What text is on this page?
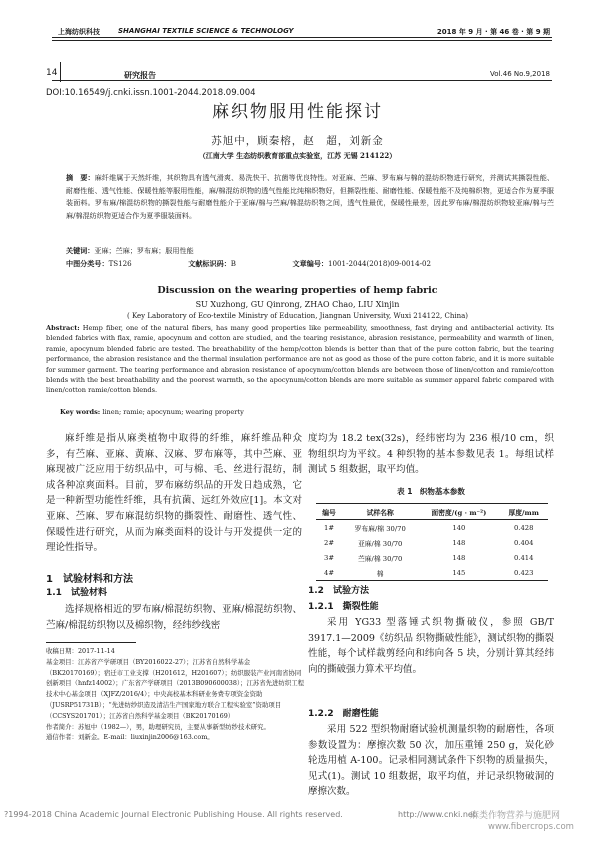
上海纺织科技	SHANGHAI TEXTILE SCIENCE & TECHNOLOGY	2018 年 9 月 · 第 46 卷 · 第 9 期
14	研究报告	Vol.46 No.9,2018
DOI:10.16549/j.cnki.issn.1001-2044.2018.09.004
麻织物服用性能探讨
苏旭中，顾秦榕，赵　超，刘新金
（江南大学 生态纺织教育部重点实验室，江苏 无锡 214122）
摘　要：麻纤维属于天然纤维，其织物具有透气滑爽、易洗快干、抗菌等优良特性。对亚麻、苎麻、罗布麻与棉的混纺织物进行研究，并测试其撕裂性能、耐磨性能、透气性能、保暖性能等服用性能，麻/棉混纺织物的透气性能比纯棉织物好，但撕裂性能、耐磨性能、保暖性能不及纯棉织物，更适合作为夏季服装面料。罗布麻/棉混纺织物的撕裂性能与耐磨性能介于亚麻/棉与苎麻/棉混纺织物之间，透气性最优，保暖性最差，因此罗布麻/棉混纺织物较亚麻/棉与苎麻/棉混纺织物更适合作为夏季服装面料。
关键词：亚麻；苎麻；罗布麻；服用性能
中图分类号：TS126	文献标识码：B	文章编号：1001-2044(2018)09-0014-02
Discussion on the wearing properties of hemp fabric
SU Xuzhong, GU Qinrong, ZHAO Chao, LIU Xinjin
( Key Laboratory of Eco-textile Ministry of Education, Jiangnan University, Wuxi 214122, China)
Abstract: Hemp fiber, one of the natural fibers, has many good properties like permeability, smoothness, fast drying and antibacterial activity. Its blended fabrics with flax, ramie, apocynum and cotton are studied, and the tearing resistance, abrasion resistance, permeability and warmth of linen, ramie, apocynum blended fabric are tested. The breathability of the hemp/cotton blends is better than that of the pure cotton fabric, but the tearing performance, the abrasion resistance and the thermal insulation performance are not as good as those of the pure cotton fabric, and it is more suitable for summer garment. The tearing performance and abrasion resistance of apocynum/cotton blends are between those of linen/cotton and ramie/cotton blends with the best breathability and the poorest warmth, so the apocynum/cotton blends are more suitable as summer apparel fabric compared with linen/cotton ramie/cotton blends.
Key words: linen; ramie; apocynum; wearing property
麻纤维是指从麻类植物中取得的纤维，麻纤维品种众多，有苎麻、亚麻、黄麻、汉麻、罗布麻等，其中苎麻、亚麻现被广泛应用于纺织品中，可与棉、毛、丝进行混纺，制成各种凉爽面料。目前，罗布麻纺织品的开发日趋成熟，它是一种新型功能性纤维，具有抗菌、远红外效应[1]。本文对亚麻、苎麻、罗布麻混纺织物的撕裂性、耐磨性、透气性、保暖性进行研究，从而为麻类面料的设计与开发提供一定的理论性指导。
1　试验材料和方法
1.1　试验材料
选择规格相近的罗布麻/棉混纺织物、亚麻/棉混纺织物、苎麻/棉混纺织物以及棉织物，经纬纱线密
收稿日期：2017-11-14
基金项目：江苏省产学研项目（BY2016022-27）；江苏省自然科学基金（BK20170169）；宿迁市工业支撑（H201612，H201607）；纺织服装产业河南省协同创新项目（hnfz14002）；广东省产学研项目（2013B090600038）；江苏省先进纺织工程技术中心基金项目（XJFZ/2016/4）；中央高校基本科研业务费专项资金资助（JUSRP51731B）；“先进纺纱织造及清洁生产国家地方联合工程实验室”资助项目（CCSYS201701）；江苏省自然科学基金项目（BK20170169）
作者简介：苏旭中（1982—），男，助理研究员，主要从事新型纺纱技术研究。
通信作者：刘新金。E-mail：liuxinjin2006@163.com。
度均为 18.2 tex(32s)，经纬密均为 236 根/10 cm，织物组织均为平纹。4 种织物的基本参数见表 1。每组试样测试 5 组数据，取平均值。
表 1　织物基本参数
编号	试样名称	面密度/(g · m⁻²)	厚度/mm
1#	罗布麻/棉 30/70	140	0.428
2#	亚麻/棉 30/70	148	0.404
3#	苎麻/棉 30/70	148	0.414
4#	棉	145	0.423
1.2　试验方法
1.2.1　撕裂性能
采用 YG33 型落锤式织物撕破仪，参照 GB/T 3917.1—2009《纺织品 织物撕破性能》，测试织物的撕裂性能，每个试样裁剪经向和纬向各 5 块，分别计算其经纬向的撕破强力算术平均值。
1.2.2　耐磨性能
采用 522 型织物耐磨试验机测量织物的耐磨性，各项参数设置为：摩擦次数 50 次，加压重锤 250 g，炭化砂轮选用植 A-100。记录相同测试条件下织物的质量损失，见式(1)。测试 10 组数据，取平均值，并记录织物破洞的摩擦次数。
?1994-2018 China Academic Journal Electronic Publishing House. All rights reserved.	http://www.cnki.net
麻类作物营养与施肥网
www.fibercrops.com
